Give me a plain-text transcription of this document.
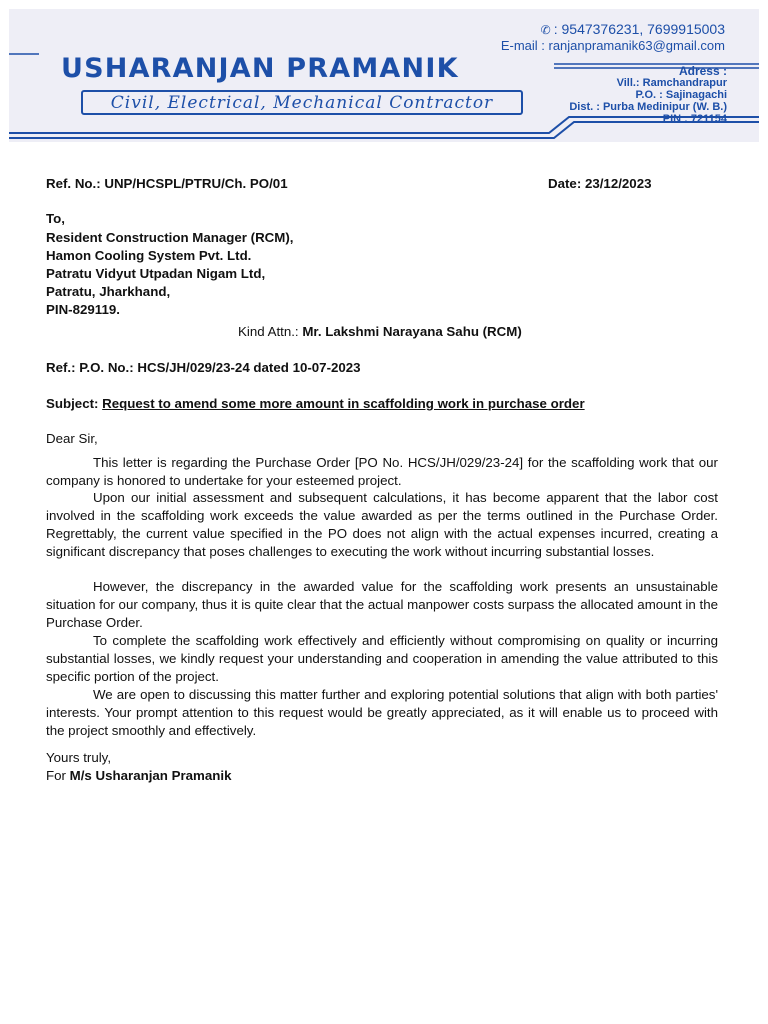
USHARANJAN PRAMANIK
Civil, Electrical, Mechanical Contractor
✆ : 9547376231, 7699915003
E-mail : ranjanpramanik63@gmail.com
Adress :
Vill.: Ramchandrapur
P.O. : Sajinagachi
Dist. : Purba Medinipur (W. B.)
PIN : 721154
Ref. No.: UNP/HCSPL/PTRU/Ch. PO/01	Date: 23/12/2023
To,
Resident Construction Manager (RCM),
Hamon Cooling System Pvt. Ltd.
Patratu Vidyut Utpadan Nigam Ltd,
Patratu, Jharkhand,
PIN-829119.
Kind Attn.: Mr. Lakshmi Narayana Sahu (RCM)
Ref.: P.O. No.: HCS/JH/029/23-24 dated 10-07-2023
Subject: Request to amend some more amount in scaffolding work in purchase order
Dear Sir,

This letter is regarding the Purchase Order [PO No. HCS/JH/029/23-24] for the scaffolding work that our company is honored to undertake for your esteemed project.

Upon our initial assessment and subsequent calculations, it has become apparent that the labor cost involved in the scaffolding work exceeds the value awarded as per the terms outlined in the Purchase Order. Regrettably, the current value specified in the PO does not align with the actual expenses incurred, creating a significant discrepancy that poses challenges to executing the work without incurring substantial losses.

However, the discrepancy in the awarded value for the scaffolding work presents an unsustainable situation for our company, thus it is quite clear that the actual manpower costs surpass the allocated amount in the Purchase Order.

To complete the scaffolding work effectively and efficiently without compromising on quality or incurring substantial losses, we kindly request your understanding and cooperation in amending the value attributed to this specific portion of the project.

We are open to discussing this matter further and exploring potential solutions that align with both parties' interests. Your prompt attention to this request would be greatly appreciated, as it will enable us to proceed with the project smoothly and effectively.

Yours truly,
For M/s Usharanjan Pramanik
